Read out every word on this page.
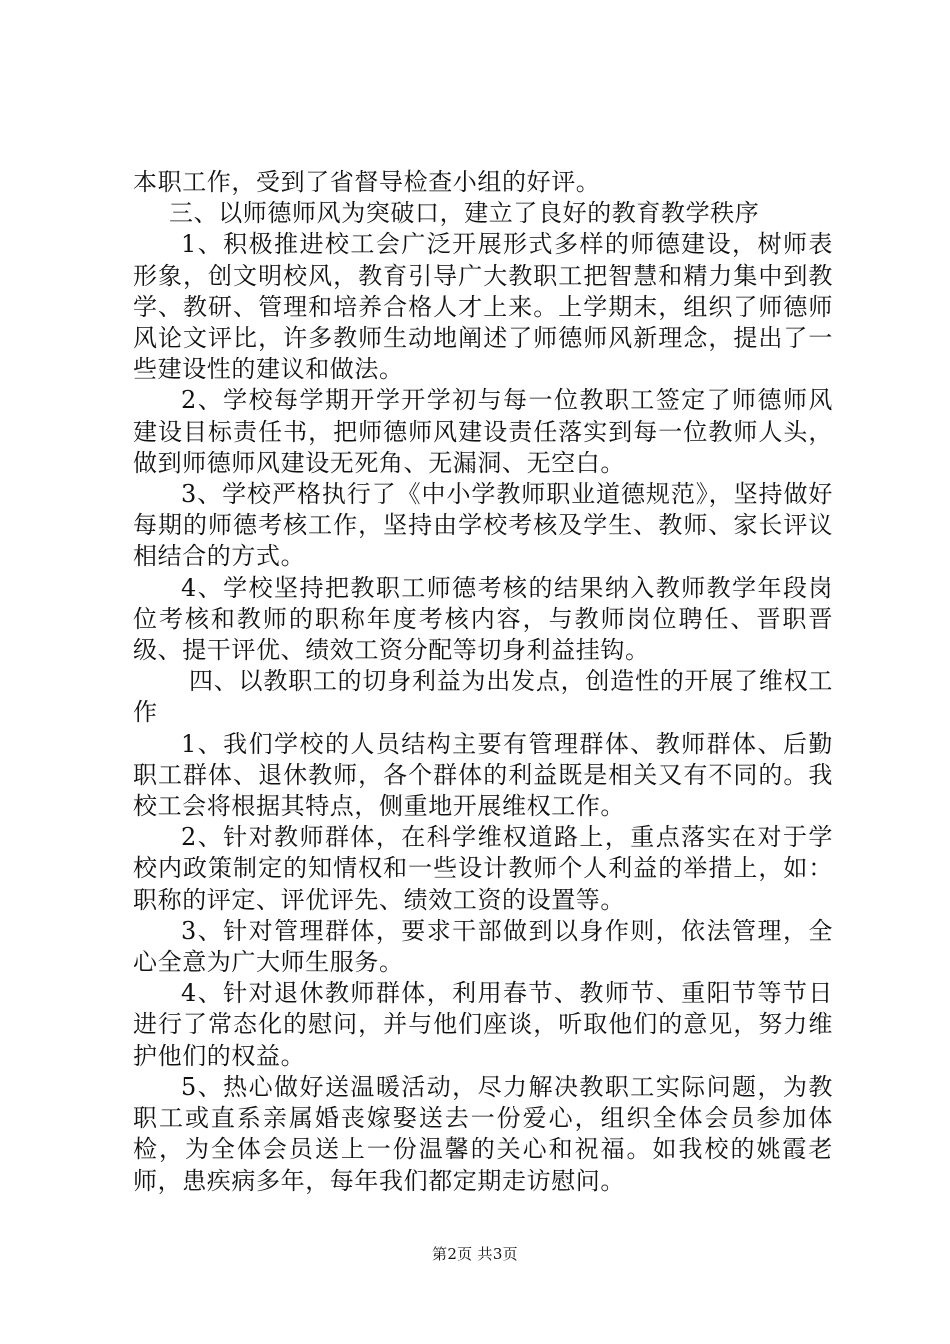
本职工作，受到了省督导检查小组的好评。

三、以师德师风为突破口，建立了良好的教育教学秩序

1、积极推进校工会广泛开展形式多样的师德建设，树师表形象，创文明校风，教育引导广大教职工把智慧和精力集中到教学、教研、管理和培养合格人才上来。上学期末，组织了师德师风论文评比，许多教师生动地阐述了师德师风新理念，提出了一些建设性的建议和做法。

2、学校每学期开学开学初与每一位教职工签定了师德师风建设目标责任书，把师德师风建设责任落实到每一位教师人头，做到师德师风建设无死角、无漏洞、无空白。

3、学校严格执行了《中小学教师职业道德规范》，坚持做好每期的师德考核工作，坚持由学校考核及学生、教师、家长评议相结合的方式。

4、学校坚持把教职工师德考核的结果纳入教师教学年段岗位考核和教师的职称年度考核内容，与教师岗位聘任、晋职晋级、提干评优、绩效工资分配等切身利益挂钩。

四、以教职工的切身利益为出发点，创造性的开展了维权工作

1、我们学校的人员结构主要有管理群体、教师群体、后勤职工群体、退休教师，各个群体的利益既是相关又有不同的。我校工会将根据其特点，侧重地开展维权工作。

2、针对教师群体，在科学维权道路上，重点落实在对于学校内政策制定的知情权和一些设计教师个人利益的举措上，如：职称的评定、评优评先、绩效工资的设置等。

3、针对管理群体，要求干部做到以身作则，依法管理，全心全意为广大师生服务。

4、针对退休教师群体，利用春节、教师节、重阳节等节日进行了常态化的慰问，并与他们座谈，听取他们的意见，努力维护他们的权益。

5、热心做好送温暖活动，尽力解决教职工实际问题，为教职工或直系亲属婚丧嫁娶送去一份爱心，组织全体会员参加体检，为全体会员送上一份温馨的关心和祝福。如我校的姚霞老师，患疾病多年，每年我们都定期走访慰问。

第2页 共3页
